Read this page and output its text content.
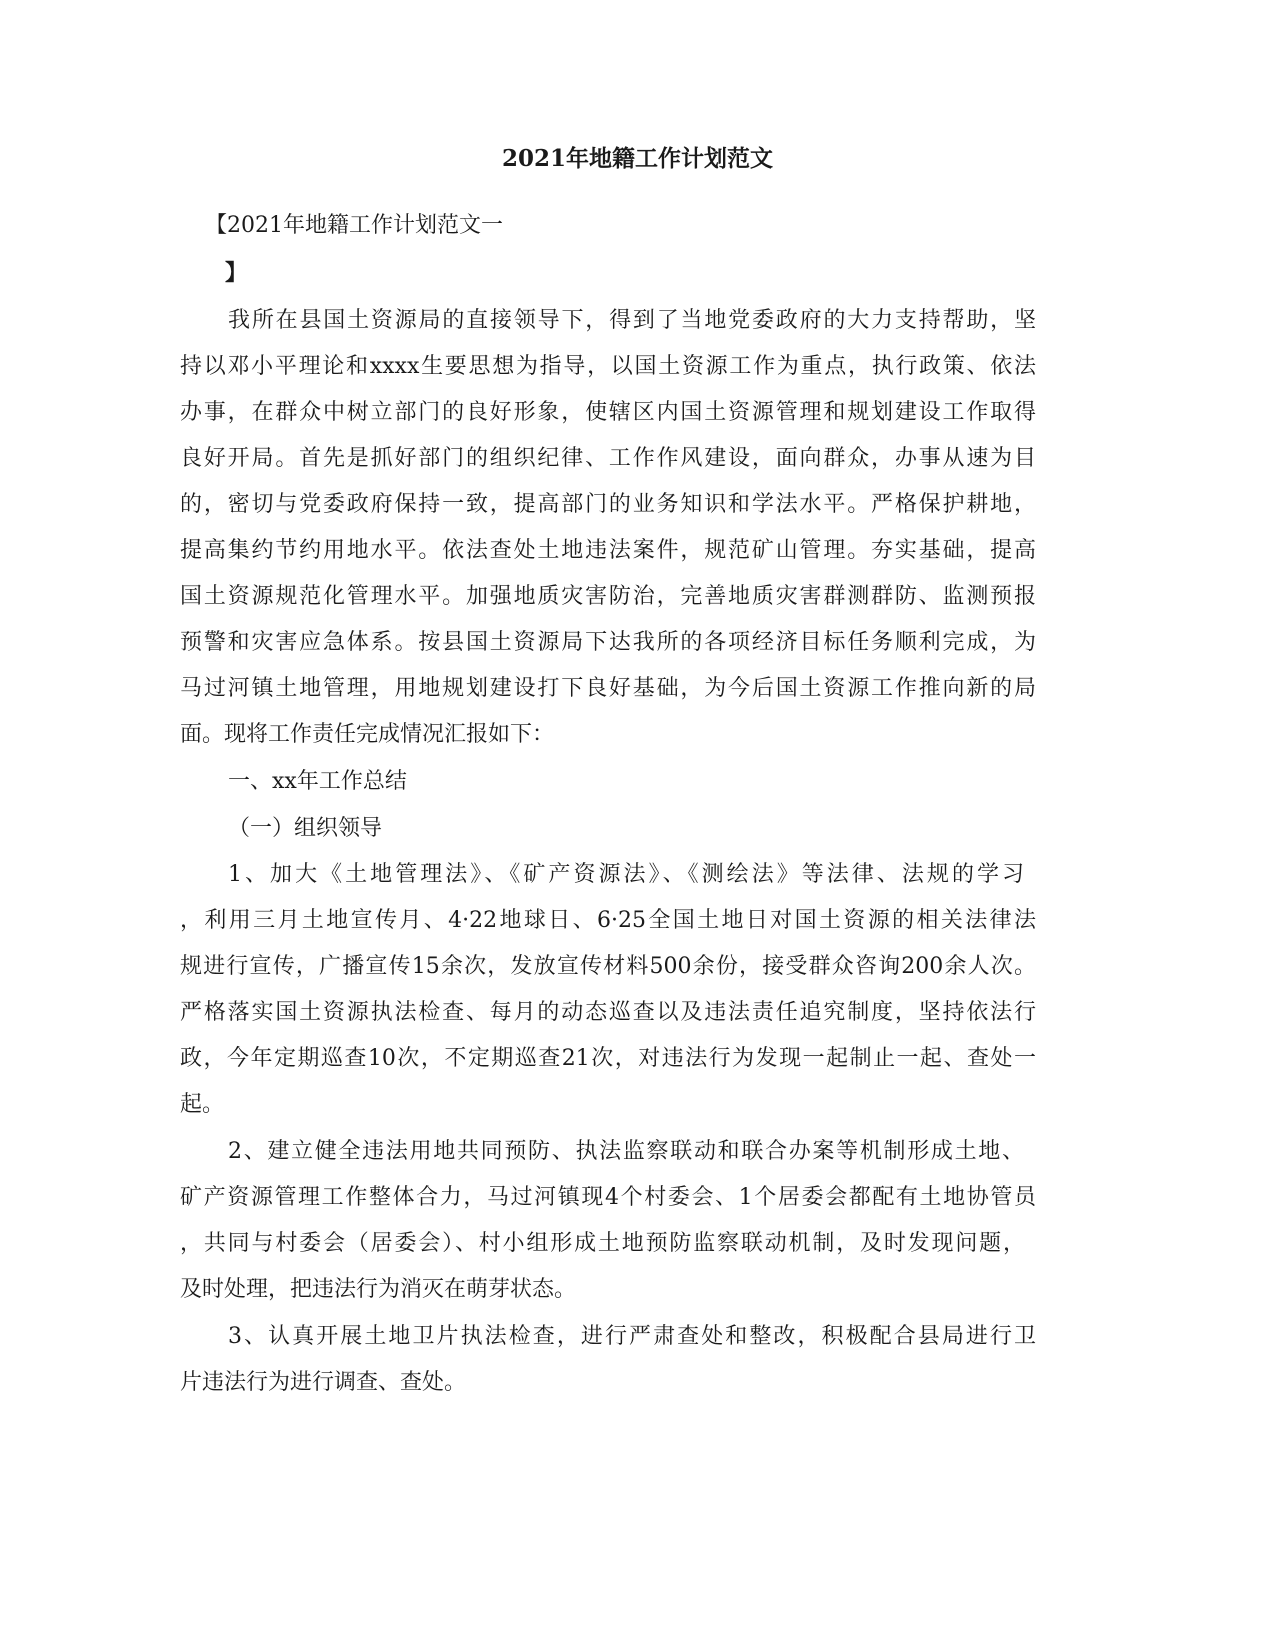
2021年地籍工作计划范文

【2021年地籍工作计划范文一

】

我所在县国土资源局的直接领导下，得到了当地党委政府的大力支持帮助，坚

持以邓小平理论和xxxx生要思想为指导，以国土资源工作为重点，执行政策、依法

办事，在群众中树立部门的良好形象，使辖区内国土资源管理和规划建设工作取得

良好开局。首先是抓好部门的组织纪律、工作作风建设，面向群众，办事从速为目

的，密切与党委政府保持一致，提高部门的业务知识和学法水平。严格保护耕地，

提高集约节约用地水平。依法查处土地违法案件，规范矿山管理。夯实基础，提高

国土资源规范化管理水平。加强地质灾害防治，完善地质灾害群测群防、监测预报

预警和灾害应急体系。按县国土资源局下达我所的各项经济目标任务顺利完成，为

马过河镇土地管理，用地规划建设打下良好基础，为今后国土资源工作推向新的局

面。现将工作责任完成情况汇报如下：

一、xx年工作总结

（一）组织领导

1、加大《土地管理法》、《矿产资源法》、《测绘法》等法律、法规的学习

，利用三月土地宣传月、4·22地球日、6·25全国土地日对国土资源的相关法律法

规进行宣传，广播宣传15余次，发放宣传材料500余份，接受群众咨询200余人次。

严格落实国土资源执法检查、每月的动态巡查以及违法责任追究制度，坚持依法行

政，今年定期巡查10次，不定期巡查21次，对违法行为发现一起制止一起、查处一

起。

2、建立健全违法用地共同预防、执法监察联动和联合办案等机制形成土地、

矿产资源管理工作整体合力，马过河镇现4个村委会、1个居委会都配有土地协管员

，共同与村委会（居委会）、村小组形成土地预防监察联动机制，及时发现问题，

及时处理，把违法行为消灭在萌芽状态。

3、认真开展土地卫片执法检查，进行严肃查处和整改，积极配合县局进行卫

片违法行为进行调查、查处。
